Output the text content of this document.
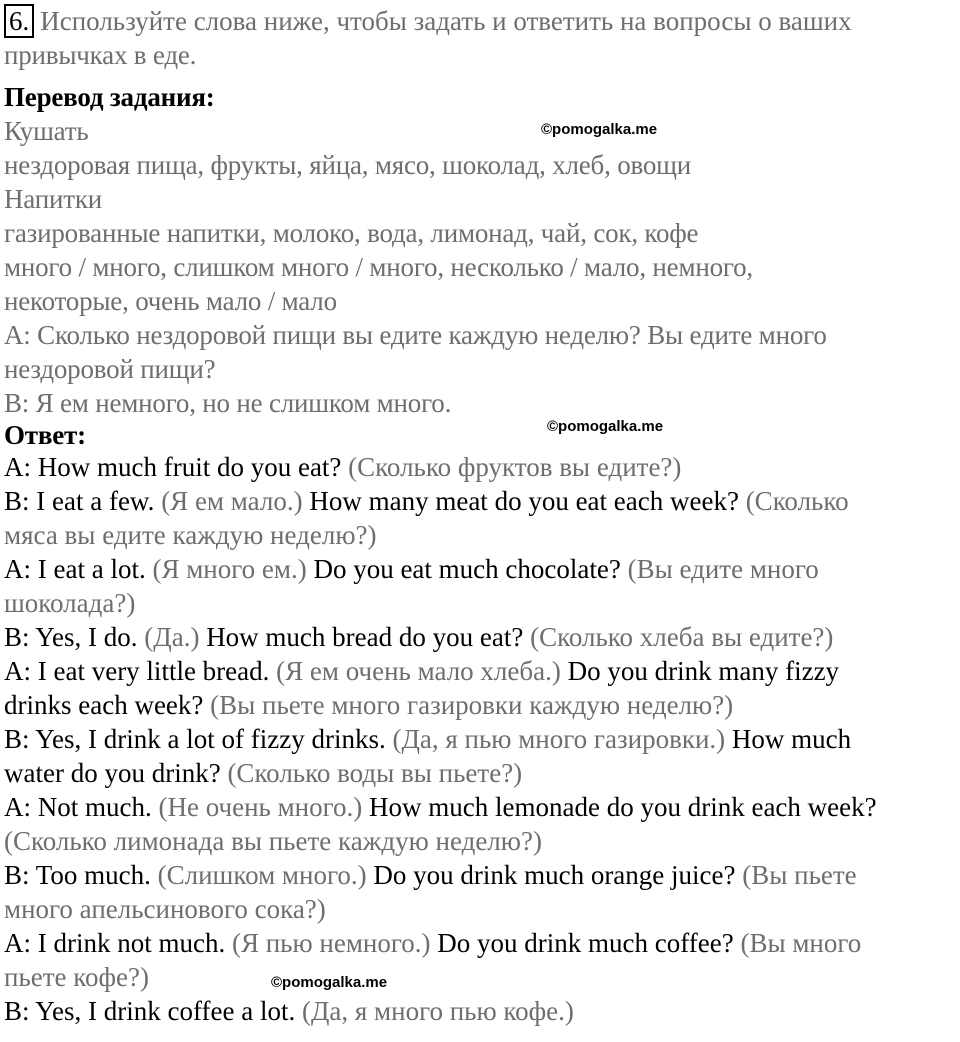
6. Используйте слова ниже, чтобы задать и ответить на вопросы о ваших
привычках в еде.
Перевод задания:
Кушать
нездоровая пища, фрукты, яйца, мясо, шоколад, хлеб, овощи
Напитки
газированные напитки, молоко, вода, лимонад, чай, сок, кофе
много / много, слишком много / много, несколько / мало, немного,
некоторые, очень мало / мало
A: Сколько нездоровой пищи вы едите каждую неделю? Вы едите много
нездоровой пищи?
B: Я ем немного, но не слишком много.
Ответ:
A: How much fruit do you eat? (Сколько фруктов вы едите?)
B: I eat a few. (Я ем мало.) How many meat do you eat each week? (Сколько
мяса вы едите каждую неделю?)
A: I eat a lot. (Я много ем.) Do you eat much chocolate? (Вы едите много
шоколада?)
B: Yes, I do. (Да.) How much bread do you eat? (Сколько хлеба вы едите?)
A: I eat very little bread. (Я ем очень мало хлеба.) Do you drink many fizzy
drinks each week? (Вы пьете много газировки каждую неделю?)
B: Yes, I drink a lot of fizzy drinks. (Да, я пью много газировки.) How much
water do you drink? (Сколько воды вы пьете?)
A: Not much. (Не очень много.) How much lemonade do you drink each week?
(Сколько лимонада вы пьете каждую неделю?)
B: Too much. (Слишком много.) Do you drink much orange juice? (Вы пьете
много апельсинового сока?)
A: I drink not much. (Я пью немного.) Do you drink much coffee? (Вы много
пьете кофе?)
B: Yes, I drink coffee a lot. (Да, я много пью кофе.)
©pomogalka.me
©pomogalka.me
©pomogalka.me
